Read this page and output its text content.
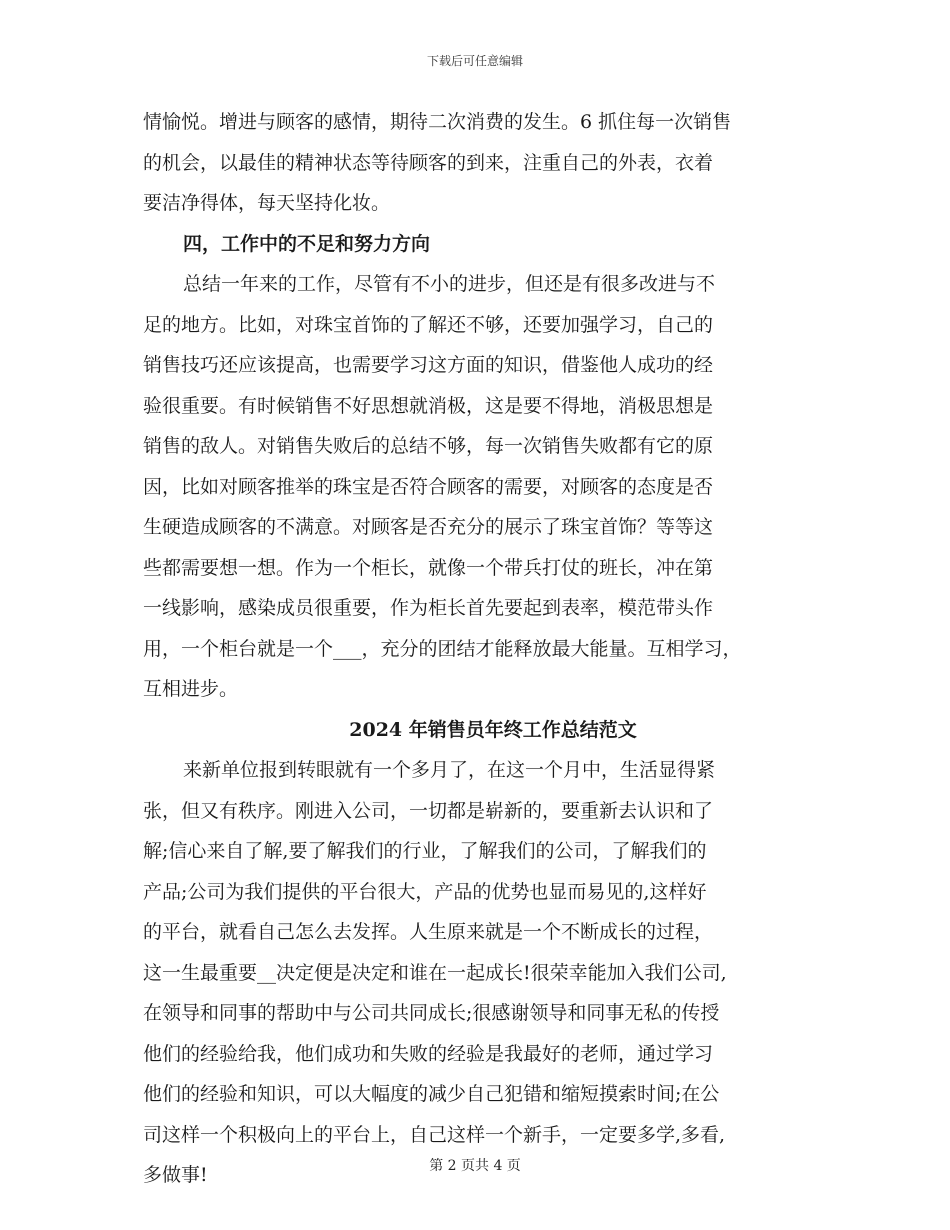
下载后可任意编辑
情愉悦。增进与顾客的感情，期待二次消费的发生。6 抓住每一次销售
的机会，以最佳的精神状态等待顾客的到来，注重自己的外表，衣着
要洁净得体，每天坚持化妆。
四，工作中的不足和努力方向
总结一年来的工作，尽管有不小的进步，但还是有很多改进与不
足的地方。比如，对珠宝首饰的了解还不够，还要加强学习，自己的
销售技巧还应该提高，也需要学习这方面的知识，借鉴他人成功的经
验很重要。有时候销售不好思想就消极，这是要不得地，消极思想是
销售的敌人。对销售失败后的总结不够，每一次销售失败都有它的原
因，比如对顾客推举的珠宝是否符合顾客的需要，对顾客的态度是否
生硬造成顾客的不满意。对顾客是否充分的展示了珠宝首饰？等等这
些都需要想一想。作为一个柜长，就像一个带兵打仗的班长，冲在第
一线影响，感染成员很重要，作为柜长首先要起到表率，模范带头作
用，一个柜台就是一个___，充分的团结才能释放最大能量。互相学习，
互相进步。
2024 年销售员年终工作总结范文
来新单位报到转眼就有一个多月了，在这一个月中，生活显得紧
张，但又有秩序。刚进入公司，一切都是崭新的，要重新去认识和了
解;信心来自了解,要了解我们的行业，了解我们的公司，了解我们的
产品;公司为我们提供的平台很大，产品的优势也显而易见的,这样好
的平台，就看自己怎么去发挥。人生原来就是一个不断成长的过程，
这一生最重要__决定便是决定和谁在一起成长!很荣幸能加入我们公司,
在领导和同事的帮助中与公司共同成长;很感谢领导和同事无私的传授
他们的经验给我，他们成功和失败的经验是我最好的老师，通过学习
他们的经验和知识，可以大幅度的减少自己犯错和缩短摸索时间;在公
司这样一个积极向上的平台上，自己这样一个新手，一定要多学,多看,
多做事!	第 2 页共 4 页
